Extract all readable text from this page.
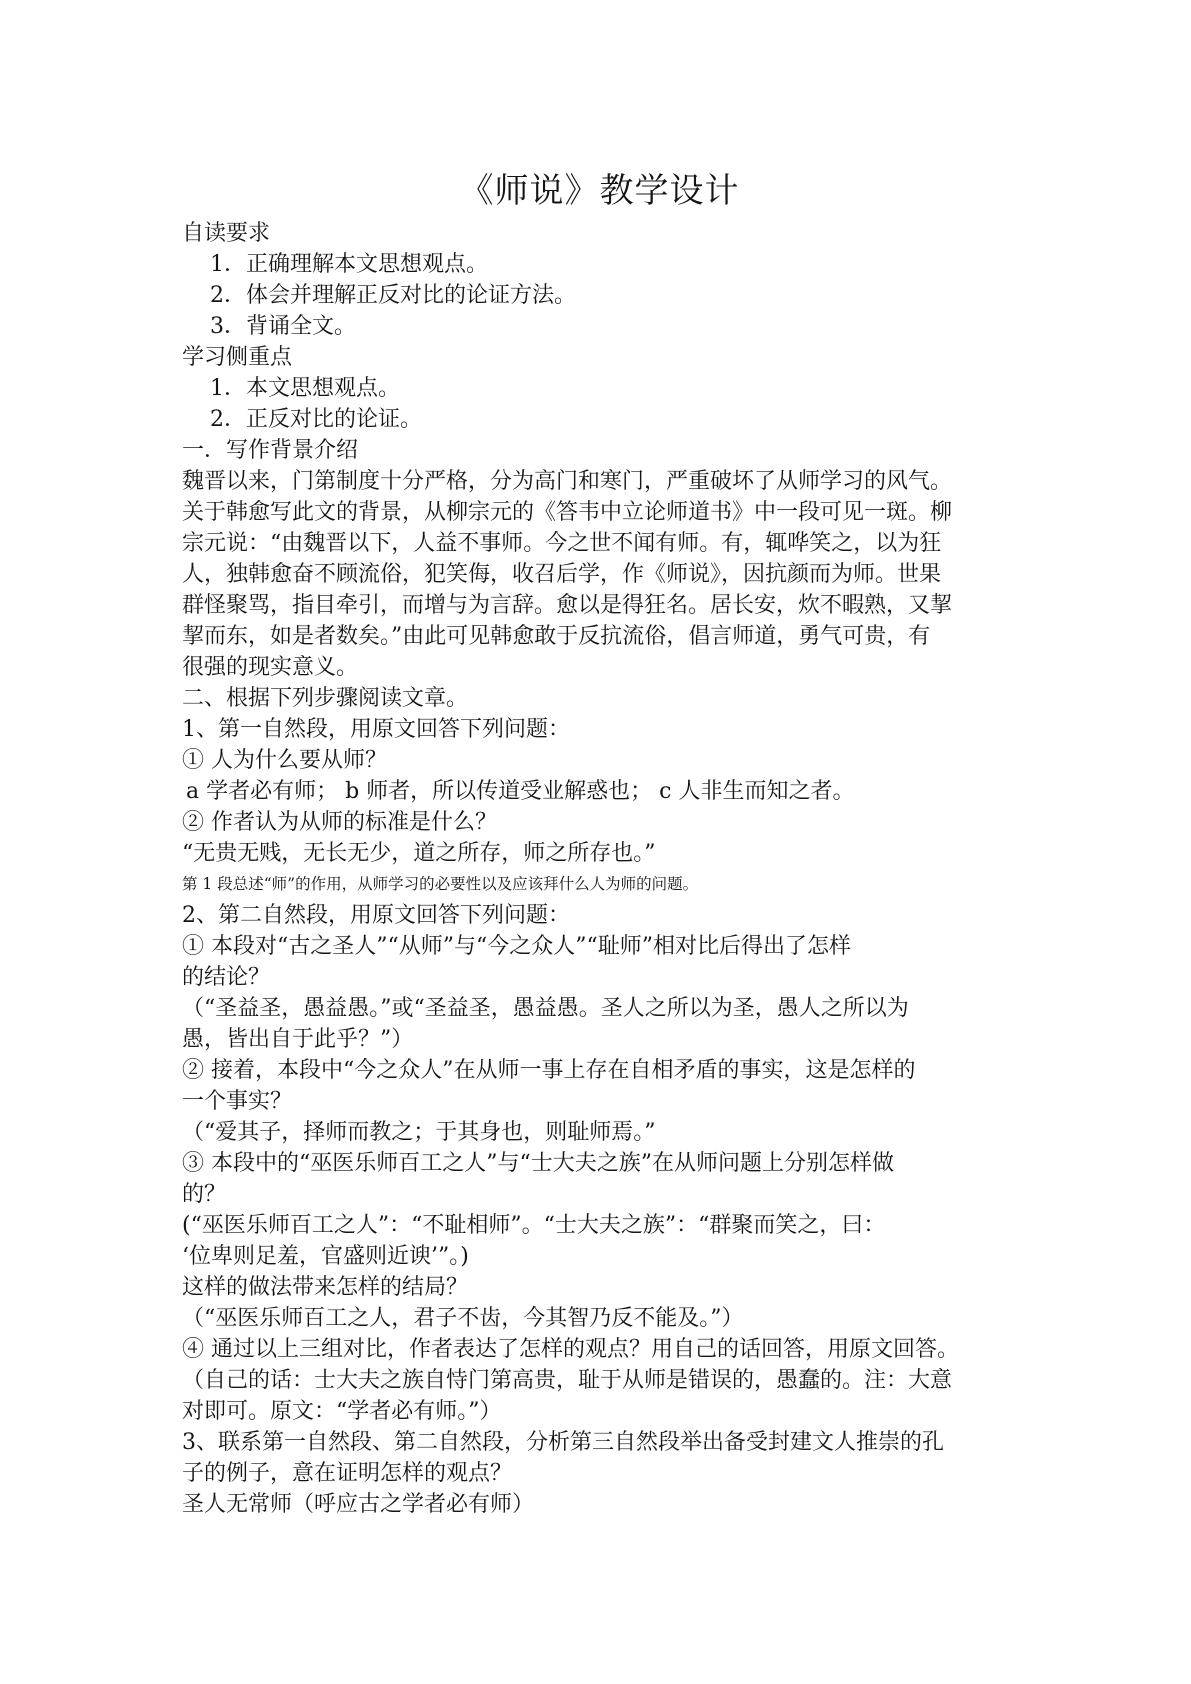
《师说》教学设计
自读要求
1．正确理解本文思想观点。
2．体会并理解正反对比的论证方法。
3．背诵全文。
学习侧重点
1．本文思想观点。
2．正反对比的论证。
一．写作背景介绍
魏晋以来，门第制度十分严格，分为高门和寒门，严重破坏了从师学习的风气。
关于韩愈写此文的背景，从柳宗元的《答韦中立论师道书》中一段可见一斑。柳
宗元说：“由魏晋以下，人益不事师。今之世不闻有师。有，辄哗笑之，以为狂
人，独韩愈奋不顾流俗，犯笑侮，收召后学，作《师说》，因抗颜而为师。世果
群怪聚骂，指目牵引，而增与为言辞。愈以是得狂名。居长安，炊不暇熟，又挈
挈而东，如是者数矣。”由此可见韩愈敢于反抗流俗，倡言师道，勇气可贵，有
很强的现实意义。
二、根据下列步骤阅读文章。
1、第一自然段，用原文回答下列问题：
① 人为什么要从师？
a 学者必有师； b 师者，所以传道受业解惑也； c 人非生而知之者。
② 作者认为从师的标准是什么？
“无贵无贱，无长无少，道之所存，师之所存也。”
第 1 段总述“师”的作用，从师学习的必要性以及应该拜什么人为师的问题。
2、第二自然段，用原文回答下列问题：
① 本段对“古之圣人”“从师”与“今之众人”“耻师”相对比后得出了怎样
的结论？
（“圣益圣，愚益愚。”或“圣益圣，愚益愚。圣人之所以为圣，愚人之所以为
愚，皆出自于此乎？”）
② 接着，本段中“今之众人”在从师一事上存在自相矛盾的事实，这是怎样的
一个事实？
（“爱其子，择师而教之；于其身也，则耻师焉。”
③ 本段中的“巫医乐师百工之人”与“士大夫之族”在从师问题上分别怎样做
的？
(“巫医乐师百工之人”：“不耻相师”。“士大夫之族”：“群聚而笑之，曰：
‘位卑则足羞，官盛则近谀’”。)
这样的做法带来怎样的结局？
（“巫医乐师百工之人，君子不齿，今其智乃反不能及。”）
④ 通过以上三组对比，作者表达了怎样的观点？用自己的话回答，用原文回答。
（自己的话：士大夫之族自恃门第高贵，耻于从师是错误的，愚蠢的。注：大意
对即可。原文：“学者必有师。”）
3、联系第一自然段、第二自然段，分析第三自然段举出备受封建文人推崇的孔
子的例子，意在证明怎样的观点？
圣人无常师（呼应古之学者必有师）
